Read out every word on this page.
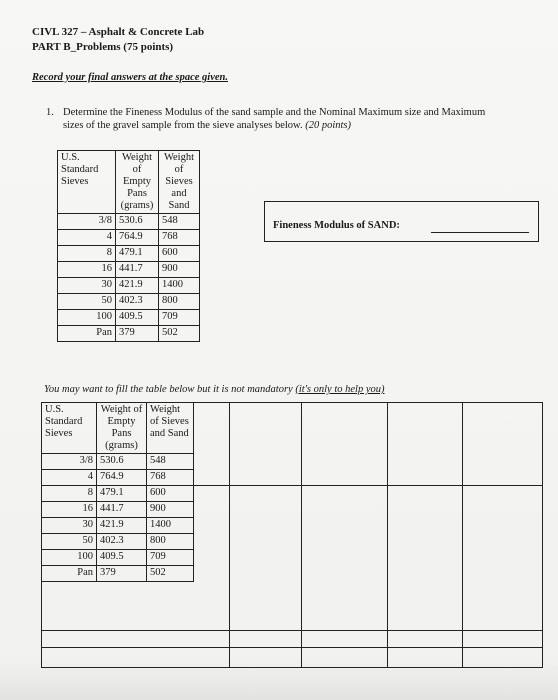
CIVL 327 – Asphalt & Concrete Lab
PART B_Problems (75 points)
Record your final answers at the space given.
1. Determine the Fineness Modulus of the sand sample and the Nominal Maximum size and Maximum sizes of the gravel sample from the sieve analyses below. (20 points)
U.S. Standard Sieves	Weight of Empty Pans (grams)	Weight of Sieves and Sand
3/8	530.6	548
4	764.9	768
8	479.1	600
16	441.7	900
30	421.9	1400
50	402.3	800
100	409.5	709
Pan	379	502
Fineness Modulus of SAND:
You may want to fill the table below but it is not mandatory (it's only to help you)
U.S. Standard Sieves	Weight of Empty Pans (grams)	Weight of Sieves and Sand
3/8	530.6	548
4	764.9	768
8	479.1	600
16	441.7	900
30	421.9	1400
50	402.3	800
100	409.5	709
Pan	379	502
